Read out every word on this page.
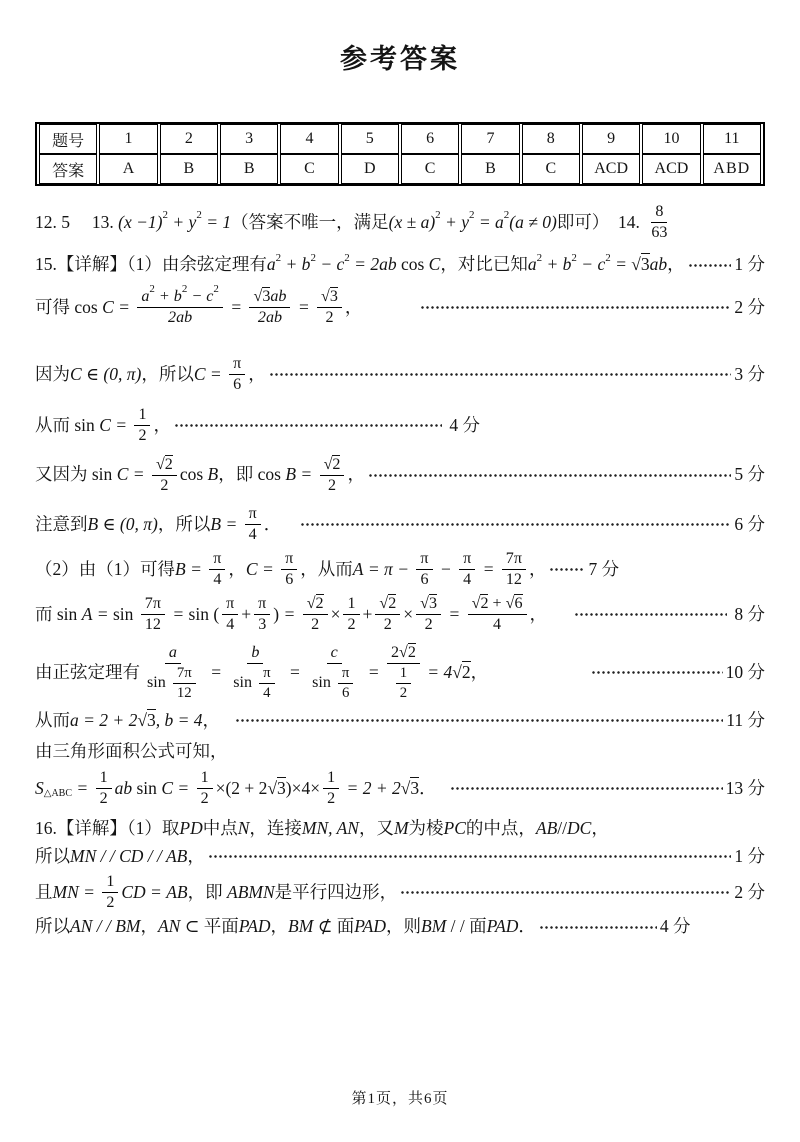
参考答案
题号	1	2	3	4	5	6	7	8	9	10	11
答案	A	B	B	C	D	C	B	C	ACD	ACD	ABD
12. 5　 13. (x −1) 2 + y 2 = 1 （答案不唯一，满足 (x ± a) 2 + y 2 = a 2 (a ≠ 0) 即可）　14. $\frac{8}{63}$
15.【详解】（1）由余弦定理有 a 2 + b 2 − c 2 = 2ab cos C ，对比已知 a 2 + b 2 − c 2 = √3 ab ，	1 分
可得 $\cos C = \frac{a 2 + b 2 - c 2}{2ab} = \frac{√3 ab}{2ab} = \frac{√3}{2}$ ，	2 分
因为 C ∈ (0, π) ，所以 $C = \frac{\pi}{6}$ ，	3 分
从而 $\sin C = \frac{1}{2}$ ，	4 分
又因为 $\sin C = \frac{√2}{2}$ cos B ，即 $\cos B = \frac{√2}{2}$ ，	5 分
注意到 B ∈ (0, π) ，所以 $B = \frac{\pi}{4}$ ．	6 分
（2）由（1）可得 $B = \frac{\pi}{4}$ ， $C = \frac{\pi}{6}$ ，从而 $A = \pi - \frac{\pi}{6} - \frac{\pi}{4} = \frac{7\pi}{12}$ ， 7 分
而 $\sin A = \sin \frac{7\pi}{12} = \sin$ ( $\frac{\pi}{4} + \frac{\pi}{3}$ ) = $\frac{√2}{2} \times \frac{1}{2} + \frac{√2}{2} \times \frac{√3}{2} = \frac{√2 + √6}{4}$ ，	8 分
由正弦定理有 $\frac{a}{\sin \frac{7\pi}{12}} = \frac{b}{\sin \frac{\pi}{4}} = \frac{c}{\sin \frac{\pi}{6}} = \frac{2 √2}{\frac{1}{2}} = 4$ √2 ，	10 分
从而 a = 2 + 2 √3 , b = 4 ，	11 分
由三角形面积公式可知，
S △ABC = $\frac{1}{2}$ ab $\sin C = \frac{1}{2} \times(2 + 2$ √3 )$\times 4\times \frac{1}{2} = 2 + 2$ √3 ．	13 分
16.【详解】（1）取 PD 中点 N ，连接 MN, AN ，又 M 为棱 PC 的中点， AB // DC ，
所以 MN / / CD / / AB ，	1 分
且 MN = $\frac{1}{2}$ CD = AB ，即 ABMN 是平行四边形，	2 分
所以 AN / / BM ， AN ⊂ 平面 PAD ， BM ⊄ 面 PAD ，则 BM / / 面 PAD ．	4 分
第1页，共6页
